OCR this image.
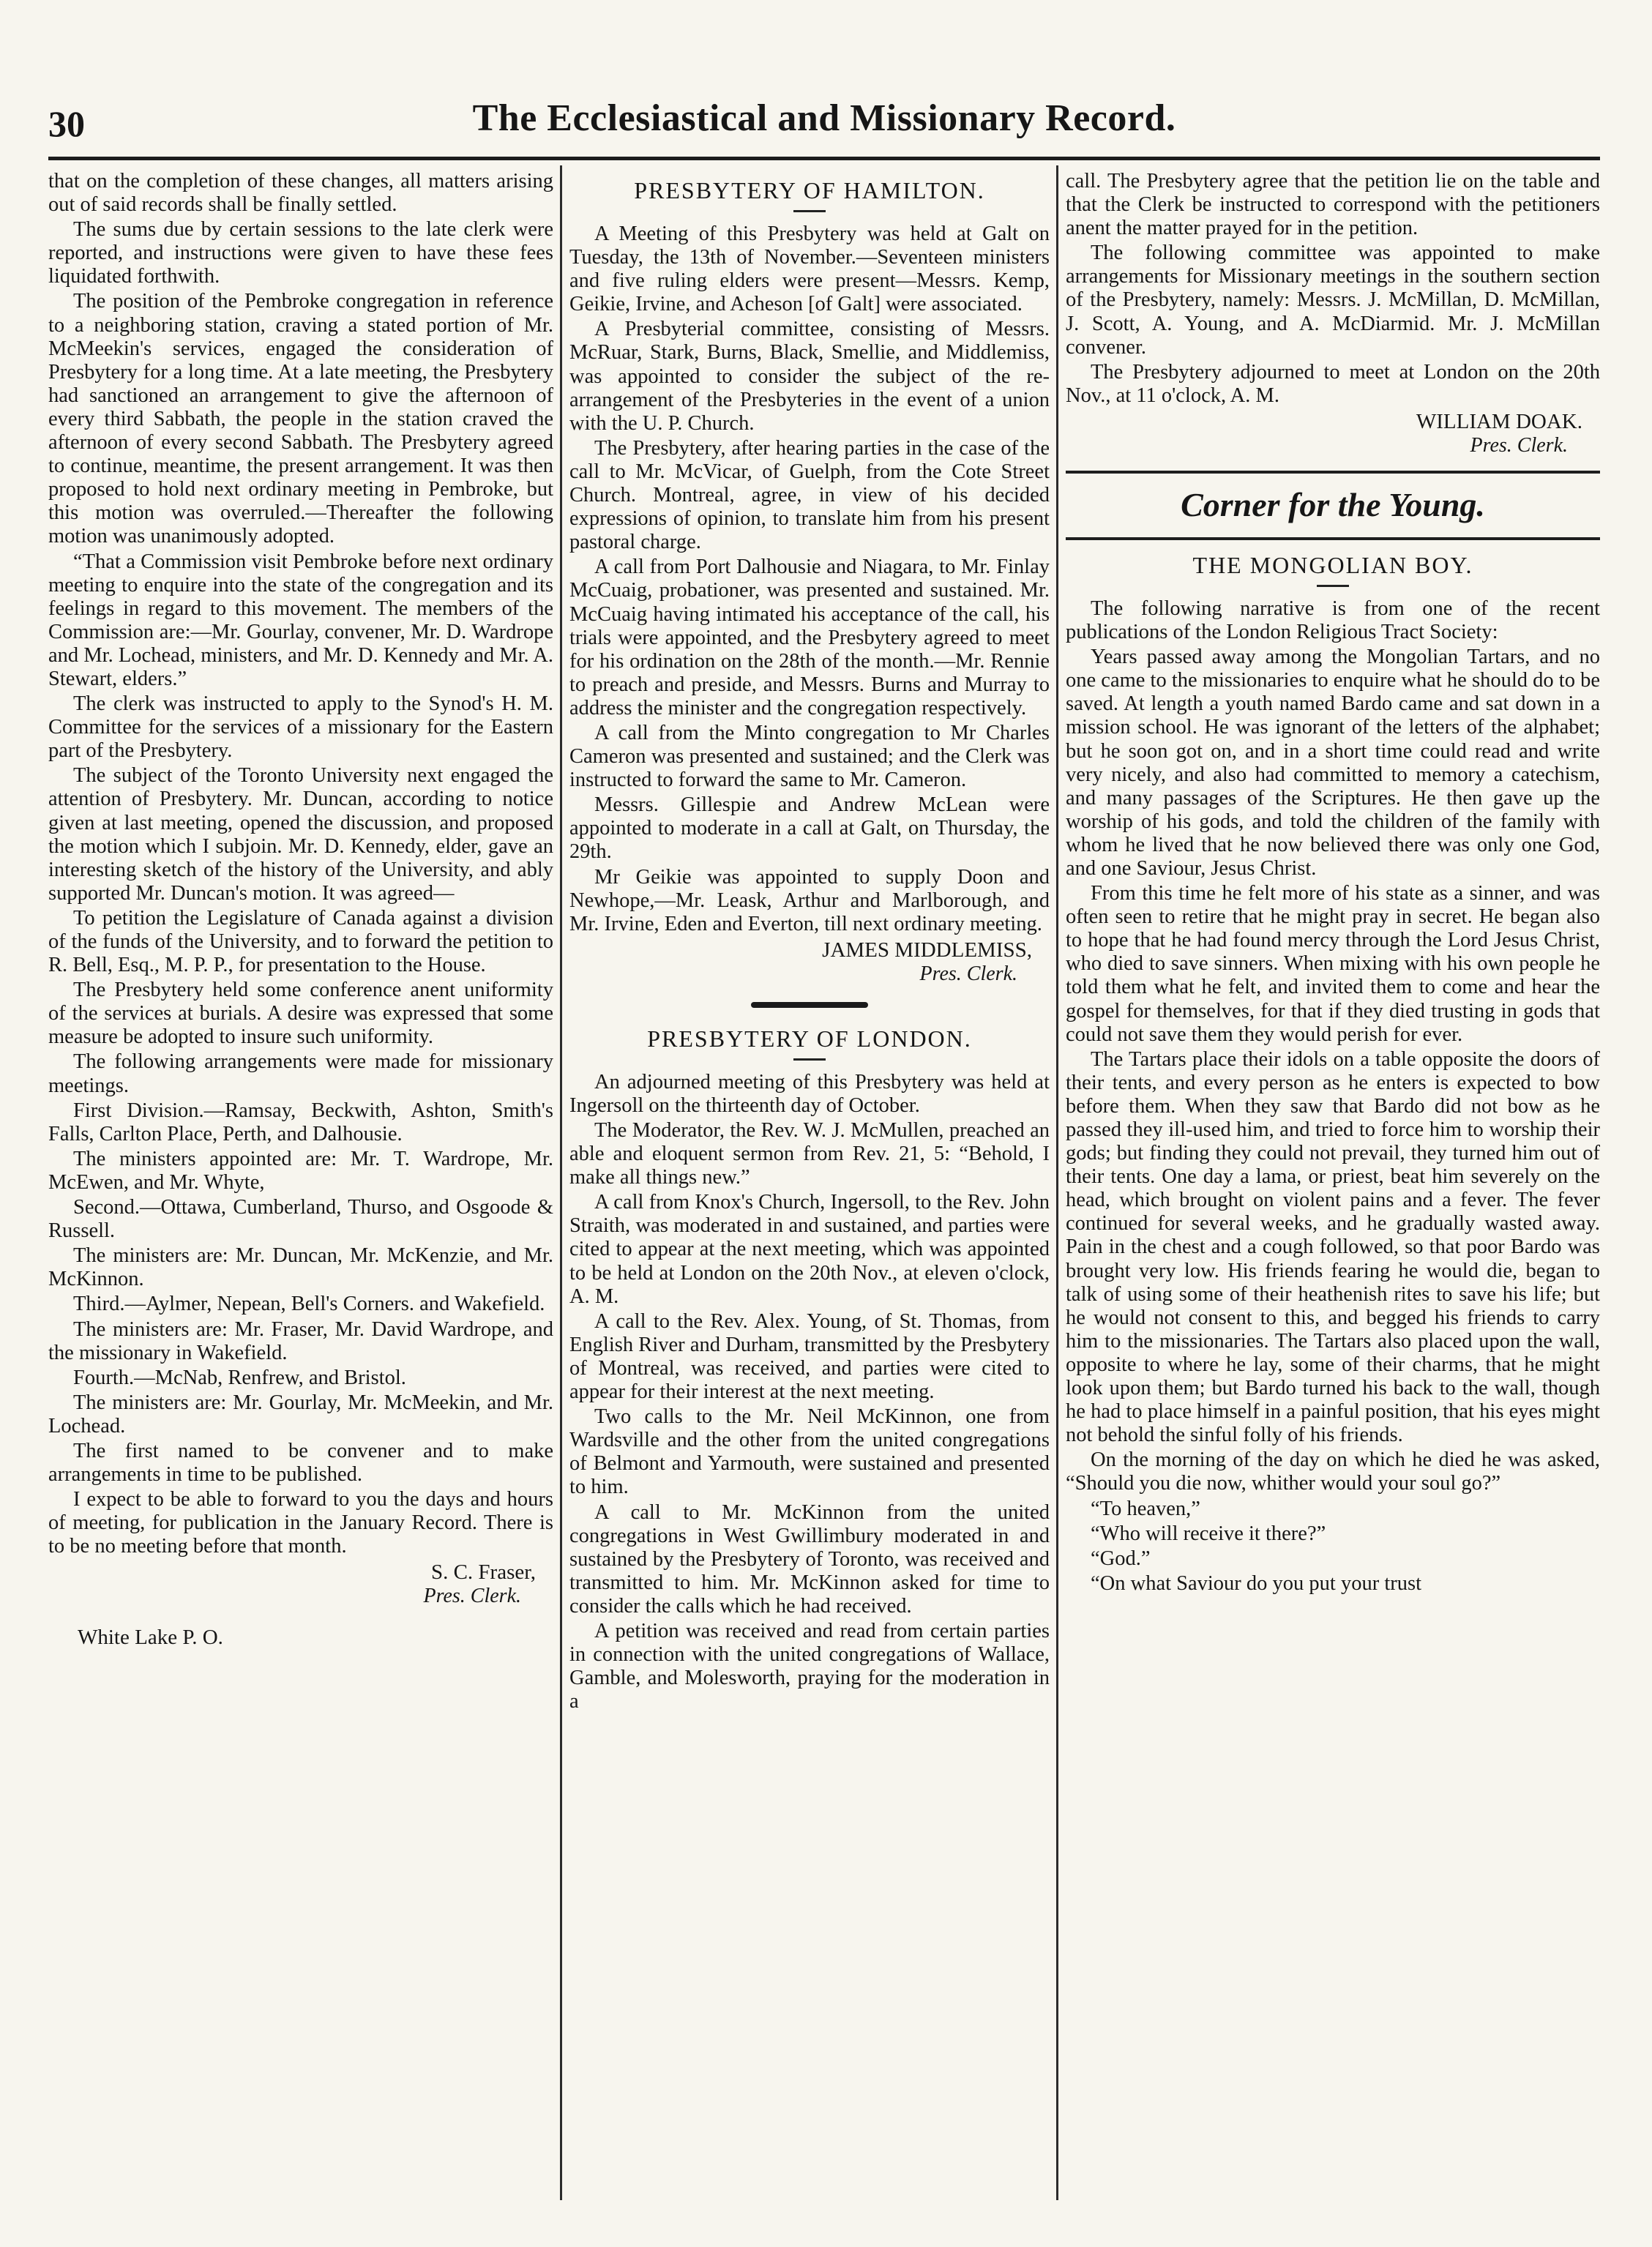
30	The Ecclesiastical and Missionary Record.

that on the completion of these changes, all matters arising out of said records shall be finally settled.

The sums due by certain sessions to the late clerk were reported, and instructions were given to have these fees liquidated forthwith.

The position of the Pembroke congregation in reference to a neighboring station, craving a stated portion of Mr. McMeekin's services, engaged the consideration of Presbytery for a long time. At a late meeting, the Presbytery had sanctioned an arrangement to give the afternoon of every third Sabbath, the people in the station craved the afternoon of every second Sabbath. The Presbytery agreed to continue, meantime, the present arrangement. It was then proposed to hold next ordinary meeting in Pembroke, but this motion was overruled.—Thereafter the following motion was unanimously adopted.

“That a Commission visit Pembroke before next ordinary meeting to enquire into the state of the congregation and its feelings in regard to this movement. The members of the Commission are:—Mr. Gourlay, convener, Mr. D. Wardrope and Mr. Lochead, ministers, and Mr. D. Kennedy and Mr. A. Stewart, elders.”

The clerk was instructed to apply to the Synod's H. M. Committee for the services of a missionary for the Eastern part of the Presbytery.

The subject of the Toronto University next engaged the attention of Presbytery. Mr. Duncan, according to notice given at last meeting, opened the discussion, and proposed the motion which I subjoin. Mr. D. Kennedy, elder, gave an interesting sketch of the history of the University, and ably supported Mr. Duncan's motion. It was agreed—

To petition the Legislature of Canada against a division of the funds of the University, and to forward the petition to R. Bell, Esq., M. P. P., for presentation to the House.

The Presbytery held some conference anent uniformity of the services at burials. A desire was expressed that some measure be adopted to insure such uniformity.

The following arrangements were made for missionary meetings.

First Division.—Ramsay, Beckwith, Ashton, Smith's Falls, Carlton Place, Perth, and Dalhousie.

The ministers appointed are: Mr. T. Wardrope, Mr. McEwen, and Mr. Whyte,

Second.—Ottawa, Cumberland, Thurso, and Osgoode & Russell.

The ministers are: Mr. Duncan, Mr. McKenzie, and Mr. McKinnon.

Third.—Aylmer, Nepean, Bell's Corners. and Wakefield.

The ministers are: Mr. Fraser, Mr. David Wardrope, and the missionary in Wakefield.

Fourth.—McNab, Renfrew, and Bristol.

The ministers are: Mr. Gourlay, Mr. McMeekin, and Mr. Lochead.

The first named to be convener and to make arrangements in time to be published.

I expect to be able to forward to you the days and hours of meeting, for publication in the January Record. There is to be no meeting before that month.

S. C. Fraser,
Pres. Clerk.
White Lake P. O.
PRESBYTERY OF HAMILTON.

A Meeting of this Presbytery was held at Galt on Tuesday, the 13th of November.—Seventeen ministers and five ruling elders were present—Messrs. Kemp, Geikie, Irvine, and Acheson [of Galt] were associated.

A Presbyterial committee, consisting of Messrs. McRuar, Stark, Burns, Black, Smellie, and Middlemiss, was appointed to consider the subject of the re-arrangement of the Presbyteries in the event of a union with the U. P. Church.

The Presbytery, after hearing parties in the case of the call to Mr. McVicar, of Guelph, from the Cote Street Church. Montreal, agree, in view of his decided expressions of opinion, to translate him from his present pastoral charge.

A call from Port Dalhousie and Niagara, to Mr. Finlay McCuaig, probationer, was presented and sustained. Mr. McCuaig having intimated his acceptance of the call, his trials were appointed, and the Presbytery agreed to meet for his ordination on the 28th of the month.—Mr. Rennie to preach and preside, and Messrs. Burns and Murray to address the minister and the congregation respectively.

A call from the Minto congregation to Mr Charles Cameron was presented and sustained; and the Clerk was instructed to forward the same to Mr. Cameron.

Messrs. Gillespie and Andrew McLean were appointed to moderate in a call at Galt, on Thursday, the 29th.

Mr Geikie was appointed to supply Doon and Newhope,—Mr. Leask, Arthur and Marlborough, and Mr. Irvine, Eden and Everton, till next ordinary meeting.

JAMES MIDDLEMISS,
Pres. Clerk.
PRESBYTERY OF LONDON.

An adjourned meeting of this Presbytery was held at Ingersoll on the thirteenth day of October.

The Moderator, the Rev. W. J. McMullen, preached an able and eloquent sermon from Rev. 21, 5: “Behold, I make all things new.”

A call from Knox's Church, Ingersoll, to the Rev. John Straith, was moderated in and sustained, and parties were cited to appear at the next meeting, which was appointed to be held at London on the 20th Nov., at eleven o'clock, A. M.

A call to the Rev. Alex. Young, of St. Thomas, from English River and Durham, transmitted by the Presbytery of Montreal, was received, and parties were cited to appear for their interest at the next meeting.

Two calls to the Mr. Neil McKinnon, one from Wardsville and the other from the united congregations of Belmont and Yarmouth, were sustained and presented to him.

A call to Mr. McKinnon from the united congregations in West Gwillimbury moderated in and sustained by the Presbytery of Toronto, was received and transmitted to him. Mr. McKinnon asked for time to consider the calls which he had received.

A petition was received and read from certain parties in connection with the united congregations of Wallace, Gamble, and Molesworth, praying for the moderation in a

call. The Presbytery agree that the petition lie on the table and that the Clerk be instructed to correspond with the petitioners anent the matter prayed for in the petition.

The following committee was appointed to make arrangements for Missionary meetings in the southern section of the Presbytery, namely: Messrs. J. McMillan, D. McMillan, J. Scott, A. Young, and A. McDiarmid. Mr. J. McMillan convener.

The Presbytery adjourned to meet at London on the 20th Nov., at 11 o'clock, A. M.

WILLIAM DOAK.
Pres. Clerk.
Corner for the Young.
THE MONGOLIAN BOY.

The following narrative is from one of the recent publications of the London Religious Tract Society:

Years passed away among the Mongolian Tartars, and no one came to the missionaries to enquire what he should do to be saved. At length a youth named Bardo came and sat down in a mission school. He was ignorant of the letters of the alphabet; but he soon got on, and in a short time could read and write very nicely, and also had committed to memory a catechism, and many passages of the Scriptures. He then gave up the worship of his gods, and told the children of the family with whom he lived that he now believed there was only one God, and one Saviour, Jesus Christ.

From this time he felt more of his state as a sinner, and was often seen to retire that he might pray in secret. He began also to hope that he had found mercy through the Lord Jesus Christ, who died to save sinners. When mixing with his own people he told them what he felt, and invited them to come and hear the gospel for themselves, for that if they died trusting in gods that could not save them they would perish for ever.

The Tartars place their idols on a table opposite the doors of their tents, and every person as he enters is expected to bow before them. When they saw that Bardo did not bow as he passed they ill-used him, and tried to force him to worship their gods; but finding they could not prevail, they turned him out of their tents. One day a lama, or priest, beat him severely on the head, which brought on violent pains and a fever. The fever continued for several weeks, and he gradually wasted away. Pain in the chest and a cough followed, so that poor Bardo was brought very low. His friends fearing he would die, began to talk of using some of their heathenish rites to save his life; but he would not consent to this, and begged his friends to carry him to the missionaries. The Tartars also placed upon the wall, opposite to where he lay, some of their charms, that he might look upon them; but Bardo turned his back to the wall, though he had to place himself in a painful position, that his eyes might not behold the sinful folly of his friends.

On the morning of the day on which he died he was asked, “Should you die now, whither would your soul go?”

“To heaven,”

“Who will receive it there?”

“God.”

“On what Saviour do you put your trust
